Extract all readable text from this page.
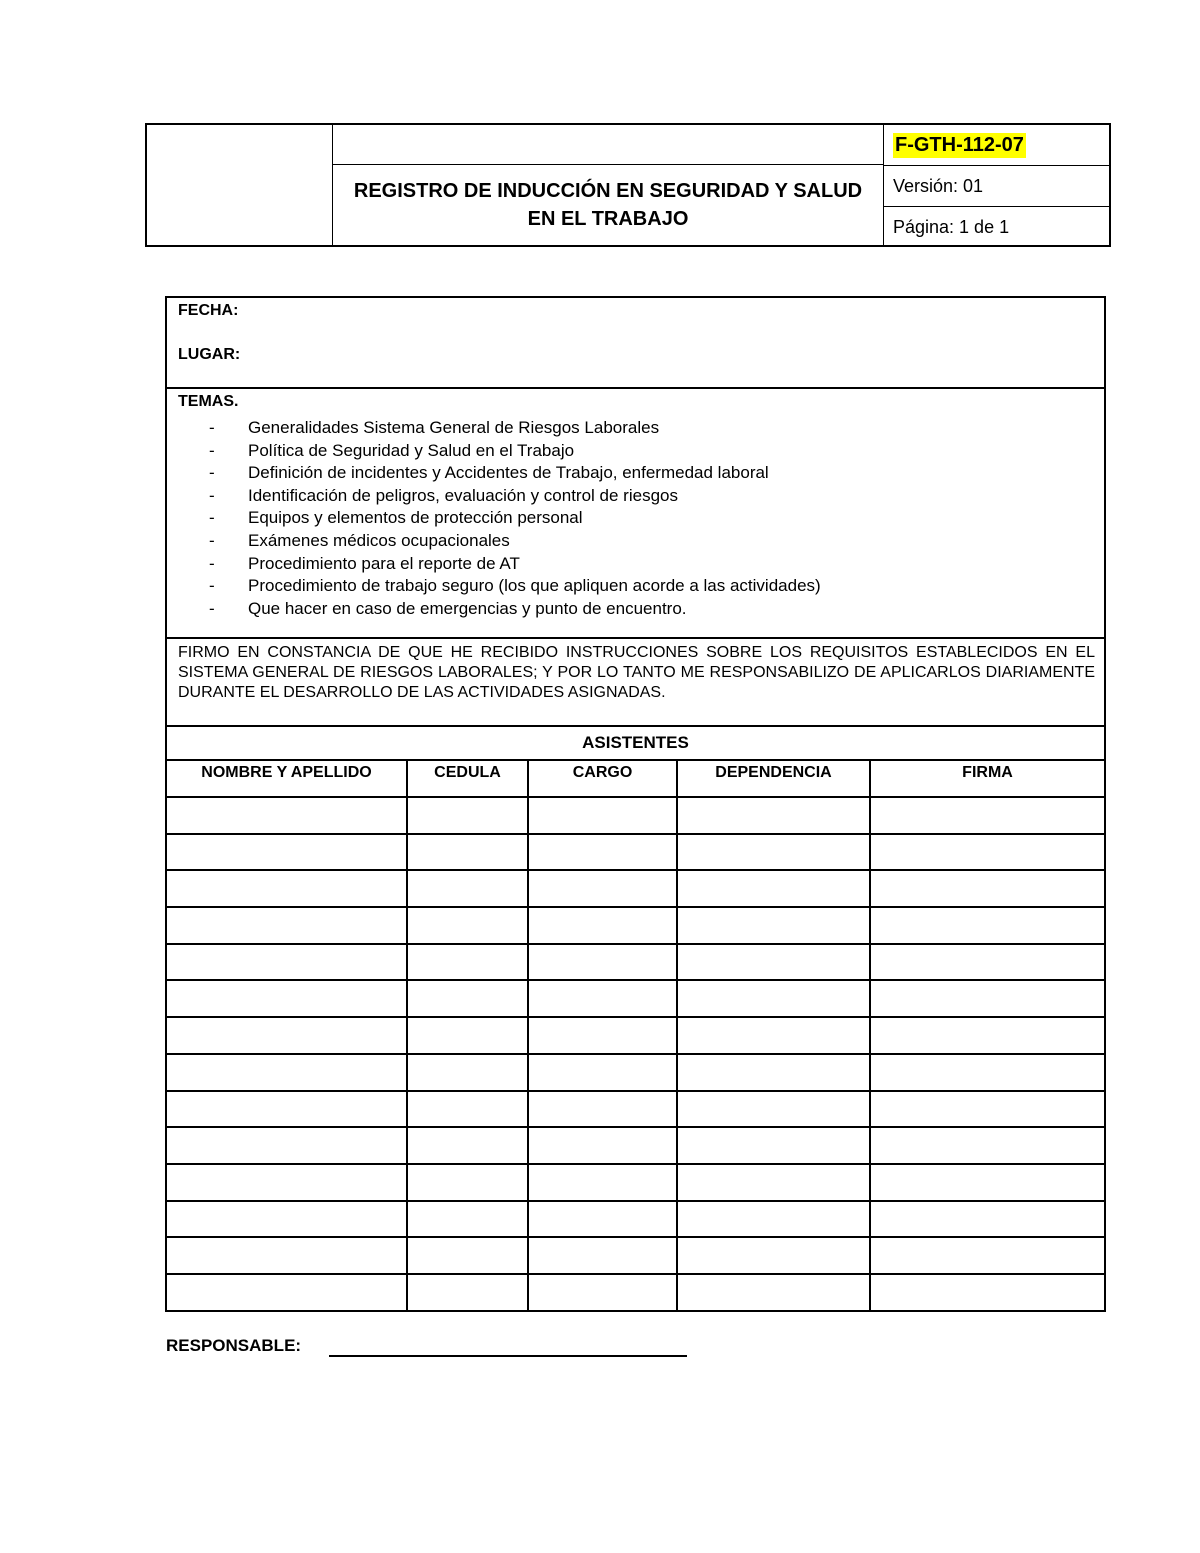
REGISTRO DE INDUCCIÓN EN SEGURIDAD Y SALUD EN EL TRABAJO
F-GTH-112-07
Versión: 01
Página: 1 de 1
FECHA:
LUGAR:
TEMAS.
- Generalidades Sistema General de Riesgos Laborales
- Política de Seguridad y Salud en el Trabajo
- Definición de incidentes y Accidentes de Trabajo, enfermedad laboral
- Identificación de peligros, evaluación y control de riesgos
- Equipos y elementos de protección personal
- Exámenes médicos ocupacionales
- Procedimiento para el reporte de AT
- Procedimiento de trabajo seguro (los que apliquen acorde a las actividades)
- Que hacer en caso de emergencias y punto de encuentro.
FIRMO EN CONSTANCIA DE QUE HE RECIBIDO INSTRUCCIONES SOBRE LOS REQUISITOS ESTABLECIDOS EN EL SISTEMA GENERAL DE RIESGOS LABORALES; Y POR LO TANTO ME RESPONSABILIZO DE APLICARLOS DIARIAMENTE DURANTE EL DESARROLLO DE LAS ACTIVIDADES ASIGNADAS.
ASISTENTES
NOMBRE Y APELLIDO	CEDULA	CARGO	DEPENDENCIA	FIRMA

RESPONSABLE:
